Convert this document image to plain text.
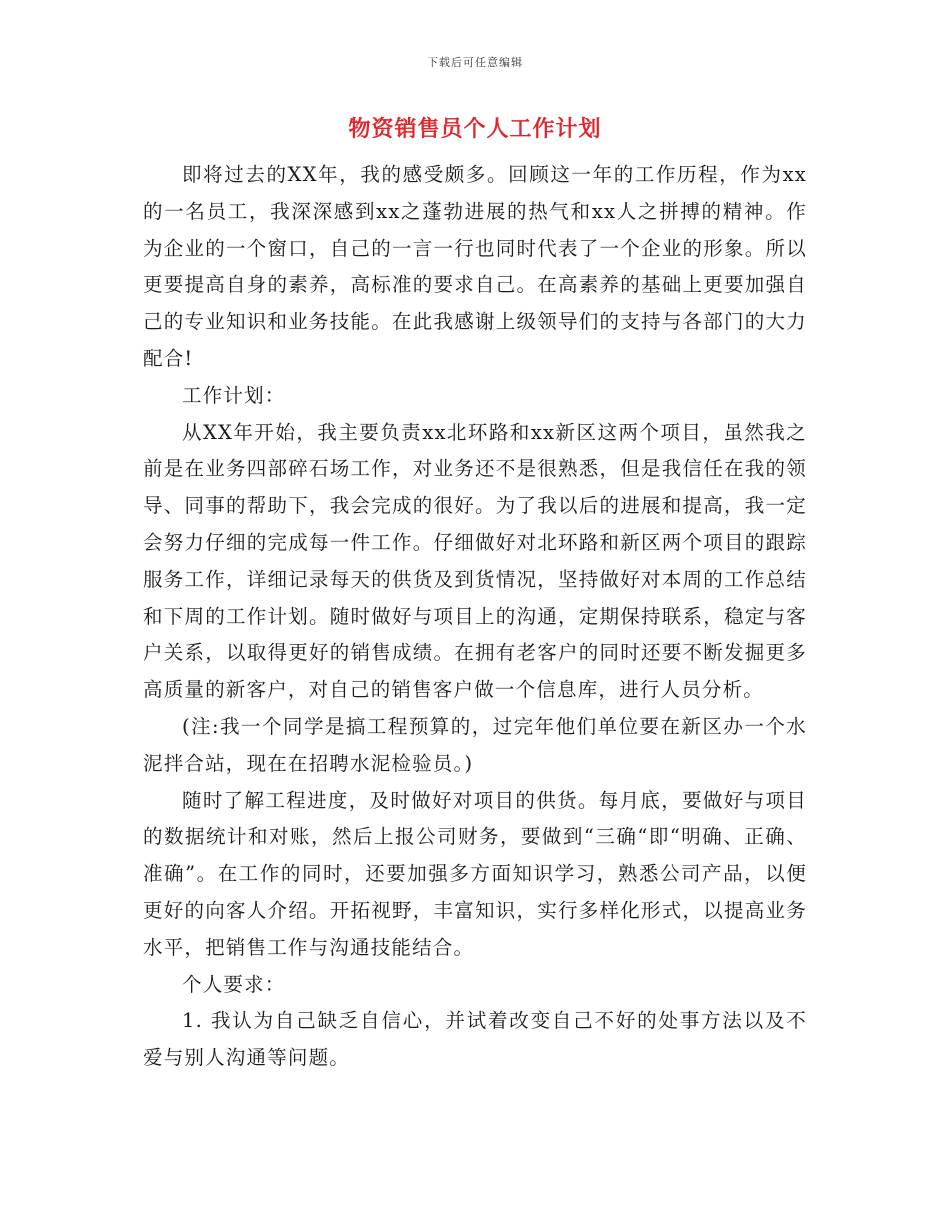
下载后可任意编辑
物资销售员个人工作计划

即将过去的XX年，我的感受颇多。回顾这一年的工作历程，作为xx的一名员工，我深深感到xx之蓬勃进展的热气和xx人之拼搏的精神。作为企业的一个窗口，自己的一言一行也同时代表了一个企业的形象。所以更要提高自身的素养，高标准的要求自己。在高素养的基础上更要加强自己的专业知识和业务技能。在此我感谢上级领导们的支持与各部门的大力配合!

工作计划：

从XX年开始，我主要负责xx北环路和xx新区这两个项目，虽然我之前是在业务四部碎石场工作，对业务还不是很熟悉，但是我信任在我的领导、同事的帮助下，我会完成的很好。为了我以后的进展和提高，我一定会努力仔细的完成每一件工作。仔细做好对北环路和新区两个项目的跟踪服务工作，详细记录每天的供货及到货情况，坚持做好对本周的工作总结和下周的工作计划。随时做好与项目上的沟通，定期保持联系，稳定与客户关系，以取得更好的销售成绩。在拥有老客户的同时还要不断发掘更多高质量的新客户，对自己的销售客户做一个信息库，进行人员分析。

(注:我一个同学是搞工程预算的，过完年他们单位要在新区办一个水泥拌合站，现在在招聘水泥检验员。)

随时了解工程进度，及时做好对项目的供货。每月底，要做好与项目的数据统计和对账，然后上报公司财务，要做到“三确“即“明确、正确、准确”。在工作的同时，还要加强多方面知识学习，熟悉公司产品，以便更好的向客人介绍。开拓视野，丰富知识，实行多样化形式，以提高业务水平，把销售工作与沟通技能结合。

个人要求：

1. 我认为自己缺乏自信心，并试着改变自己不好的处事方法以及不爱与别人沟通等问题。
